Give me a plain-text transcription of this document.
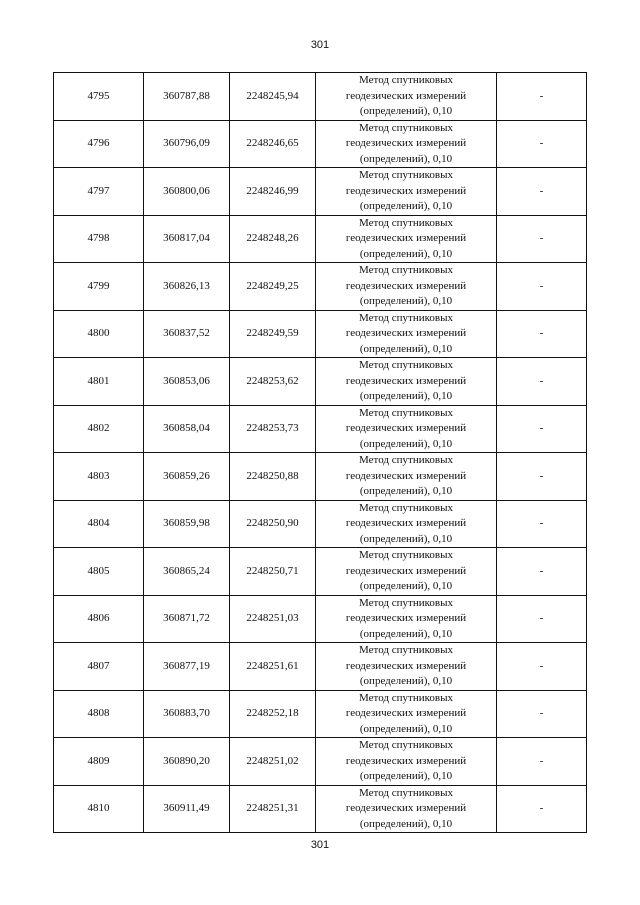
301
4795	360787,88	2248245,94	Метод спутниковых
геодезических измерений
(определений), 0,10	-
4796	360796,09	2248246,65	Метод спутниковых
геодезических измерений
(определений), 0,10	-
4797	360800,06	2248246,99	Метод спутниковых
геодезических измерений
(определений), 0,10	-
4798	360817,04	2248248,26	Метод спутниковых
геодезических измерений
(определений), 0,10	-
4799	360826,13	2248249,25	Метод спутниковых
геодезических измерений
(определений), 0,10	-
4800	360837,52	2248249,59	Метод спутниковых
геодезических измерений
(определений), 0,10	-
4801	360853,06	2248253,62	Метод спутниковых
геодезических измерений
(определений), 0,10	-
4802	360858,04	2248253,73	Метод спутниковых
геодезических измерений
(определений), 0,10	-
4803	360859,26	2248250,88	Метод спутниковых
геодезических измерений
(определений), 0,10	-
4804	360859,98	2248250,90	Метод спутниковых
геодезических измерений
(определений), 0,10	-
4805	360865,24	2248250,71	Метод спутниковых
геодезических измерений
(определений), 0,10	-
4806	360871,72	2248251,03	Метод спутниковых
геодезических измерений
(определений), 0,10	-
4807	360877,19	2248251,61	Метод спутниковых
геодезических измерений
(определений), 0,10	-
4808	360883,70	2248252,18	Метод спутниковых
геодезических измерений
(определений), 0,10	-
4809	360890,20	2248251,02	Метод спутниковых
геодезических измерений
(определений), 0,10	-
4810	360911,49	2248251,31	Метод спутниковых
геодезических измерений
(определений), 0,10	-
301
